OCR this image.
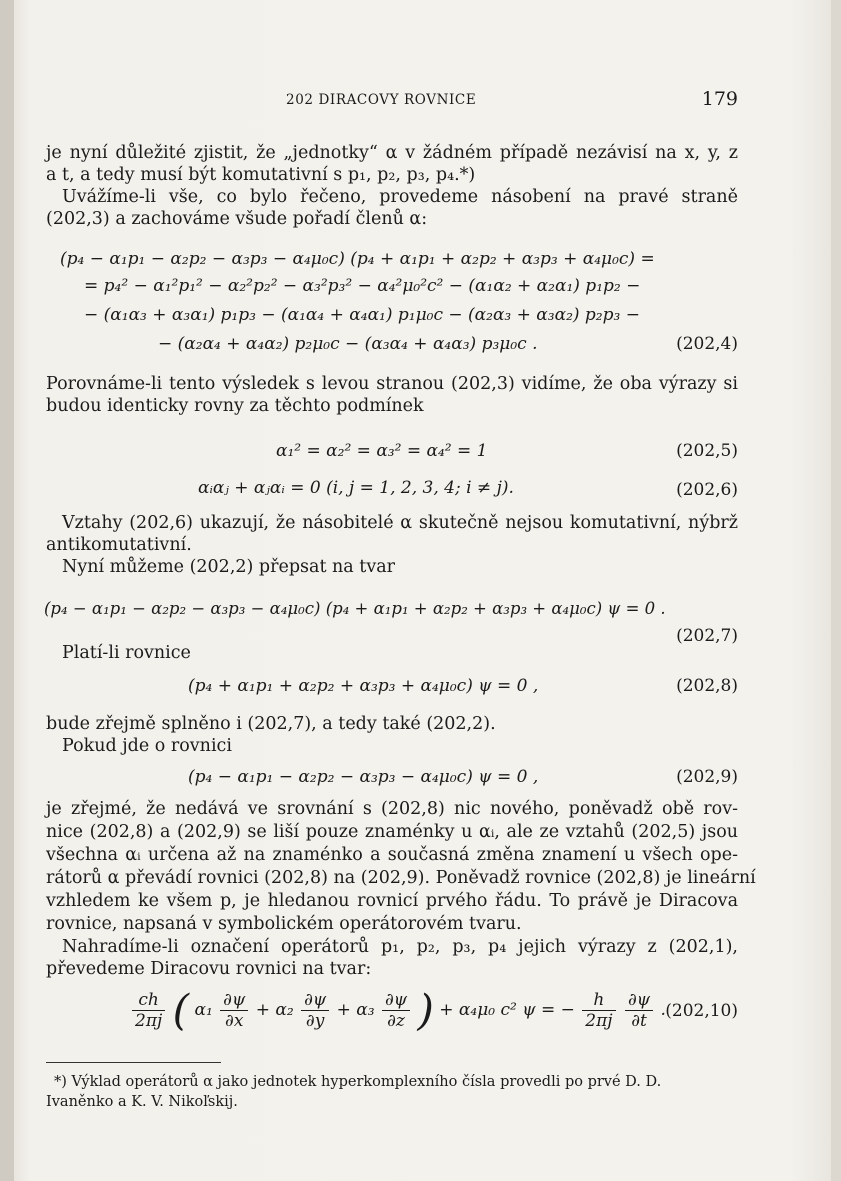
202 DIRACOVY ROVNICE	179
je nyní důležité zjistit, že „jednotky“ α v žádném případě nezávisí na x, y, z
a t, a tedy musí být komutativní s p₁, p₂, p₃, p₄.*)
Uvážíme-li vše, co bylo řečeno, provedeme násobení na pravé straně
(202,3) a zachováme všude pořadí členů α:
(p₄ − α₁p₁ − α₂p₂ − α₃p₃ − α₄μ₀c) (p₄ + α₁p₁ + α₂p₂ + α₃p₃ + α₄μ₀c) =
= p₄² − α₁²p₁² − α₂²p₂² − α₃²p₃² − α₄²μ₀²c² − (α₁α₂ + α₂α₁) p₁p₂ −
− (α₁α₃ + α₃α₁) p₁p₃ − (α₁α₄ + α₄α₁) p₁μ₀c − (α₂α₃ + α₃α₂) p₂p₃ −
− (α₂α₄ + α₄α₂) p₂μ₀c − (α₃α₄ + α₄α₃) p₃μ₀c .	(202,4)
Porovnáme-li tento výsledek s levou stranou (202,3) vidíme, že oba výrazy si
budou identicky rovny za těchto podmínek
α₁² = α₂² = α₃² = α₄² = 1	(202,5)
αᵢαⱼ + αⱼαᵢ = 0 (i, j = 1, 2, 3, 4; i ≠ j).	(202,6)
Vztahy (202,6) ukazují, že násobitelé α skutečně nejsou komutativní, nýbrž
antikomutativní.
Nyní můžeme (202,2) přepsat na tvar
(p₄ − α₁p₁ − α₂p₂ − α₃p₃ − α₄μ₀c) (p₄ + α₁p₁ + α₂p₂ + α₃p₃ + α₄μ₀c) ψ = 0 .
(202,7)
Platí-li rovnice
(p₄ + α₁p₁ + α₂p₂ + α₃p₃ + α₄μ₀c) ψ = 0 ,	(202,8)
bude zřejmě splněno i (202,7), a tedy také (202,2).
Pokud jde o rovnici
(p₄ − α₁p₁ − α₂p₂ − α₃p₃ − α₄μ₀c) ψ = 0 ,	(202,9)
je zřejmé, že nedává ve srovnání s (202,8) nic nového, poněvadž obě rov-
nice (202,8) a (202,9) se liší pouze znaménky u αᵢ, ale ze vztahů (202,5) jsou
všechna αᵢ určena až na znaménko a současná změna znamení u všech ope-
rátorů α převádí rovnici (202,8) na (202,9). Poněvadž rovnice (202,8) je lineární
vzhledem ke všem p, je hledanou rovnicí prvého řádu. To právě je Diracova
rovnice, napsaná v symbolickém operátorovém tvaru.
Nahradíme-li označení operátorů p₁, p₂, p₃, p₄ jejich výrazy z (202,1),
převedeme Diracovu rovnici na tvar:
$\frac{ch}{2\pi j}$ ( $\alpha_1 \frac{\partial\psi}{\partial x} + \alpha_2 \frac{\partial\psi}{\partial y} + \alpha_3 \frac{\partial\psi}{\partial z}$ ) + α₄μ₀ c² ψ = − $\frac{h}{2\pi j}$
$\frac{\partial\psi}{\partial t}$ . (202,10)
*) Výklad operátorů α jako jednotek hyperkomplexního čísla provedli po prvé D. D.
Ivaněnko a K. V. Nikoľskij.
